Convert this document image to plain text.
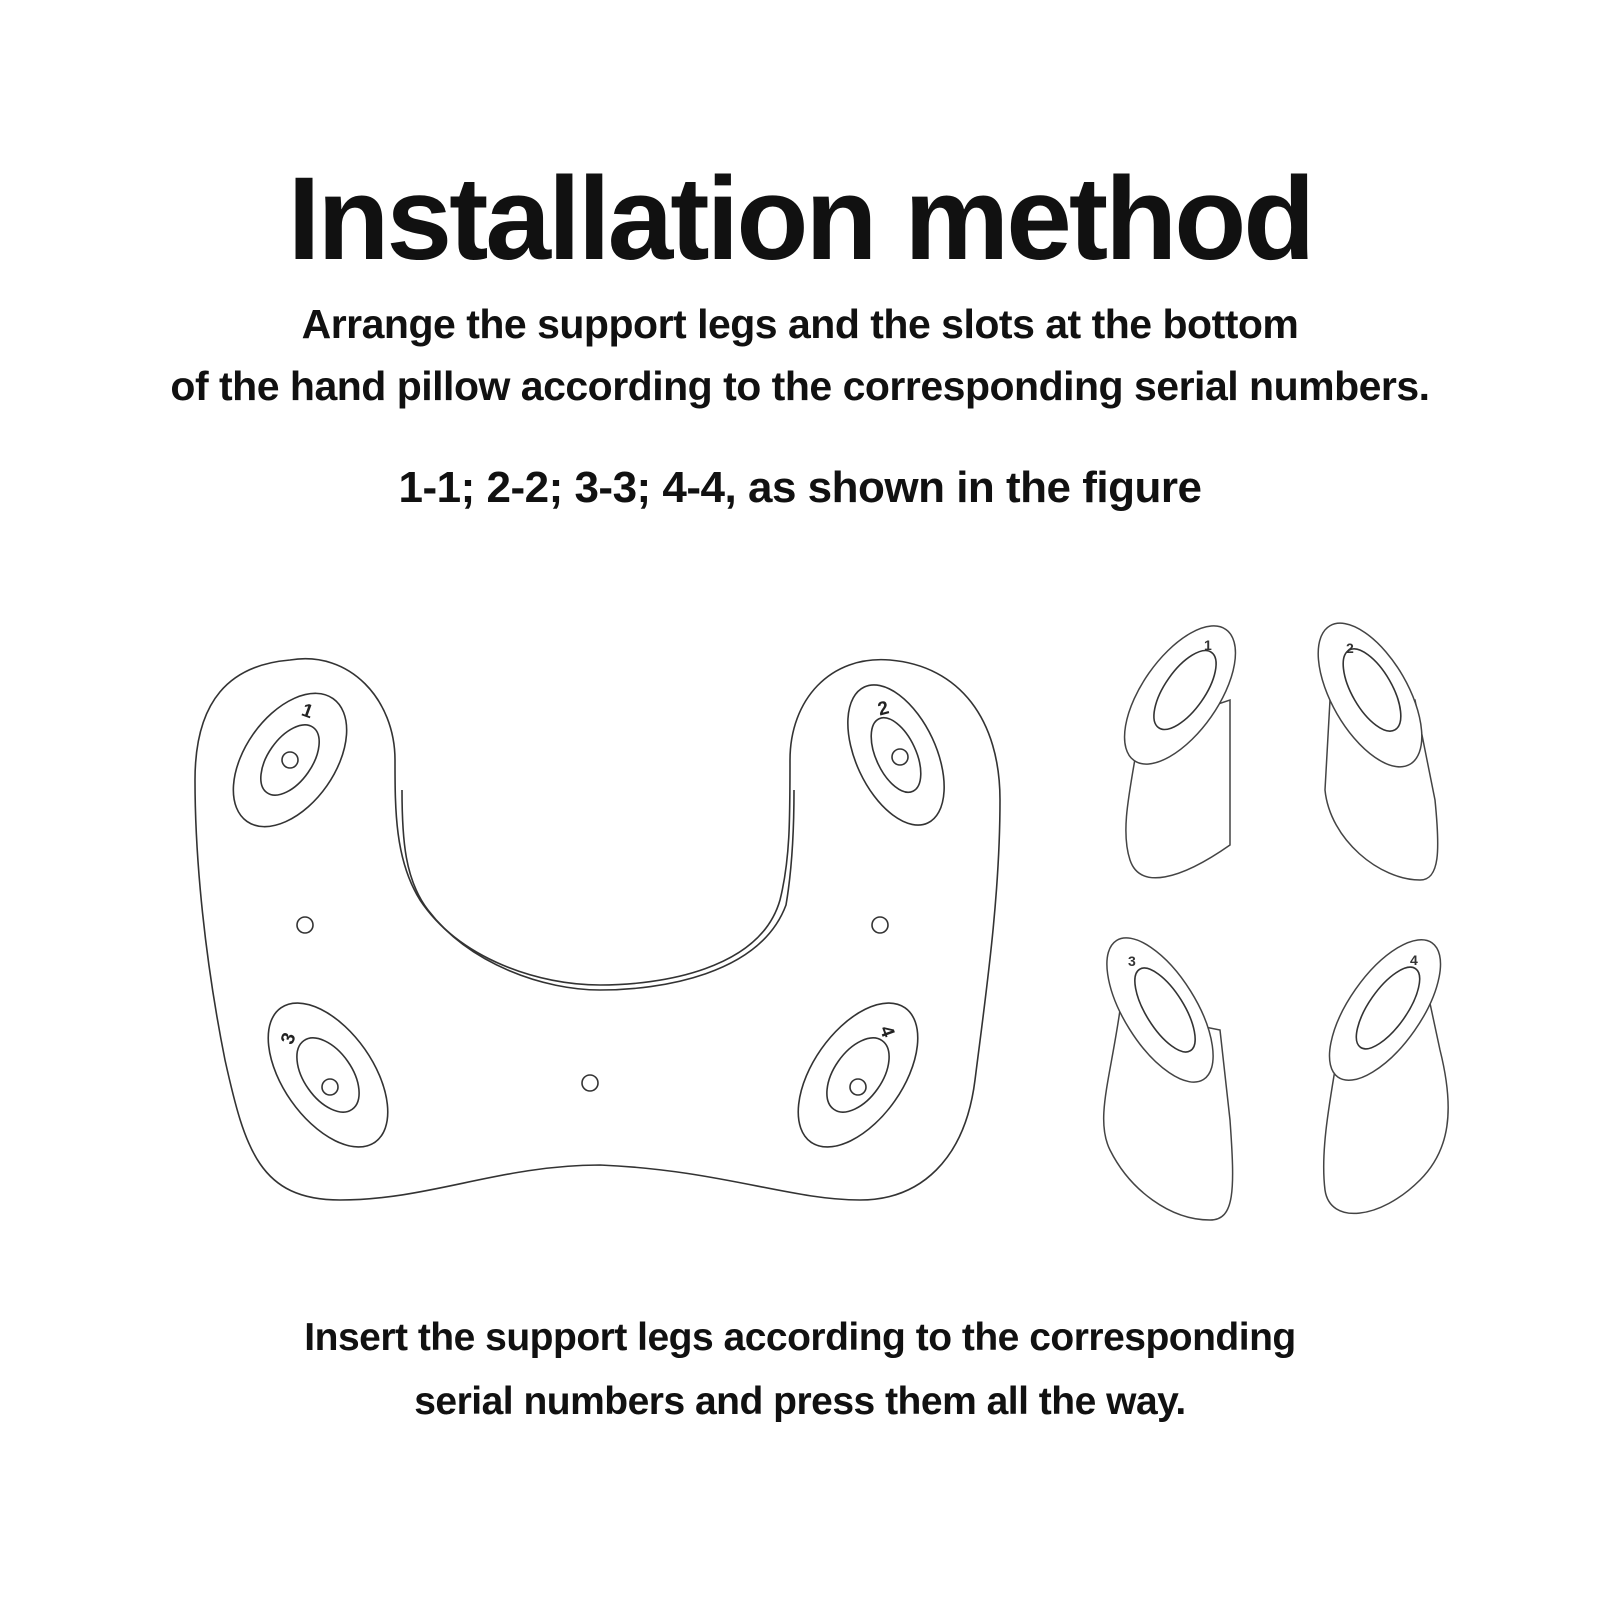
Installation method
Arrange the support legs and the slots at the bottom
of the hand pillow according to the corresponding serial numbers.
1-1; 2-2; 3-3; 4-4, as shown in the figure
1	2
3	4
1	2
3	4
Insert the support legs according to the corresponding
serial numbers and press them all the way.
